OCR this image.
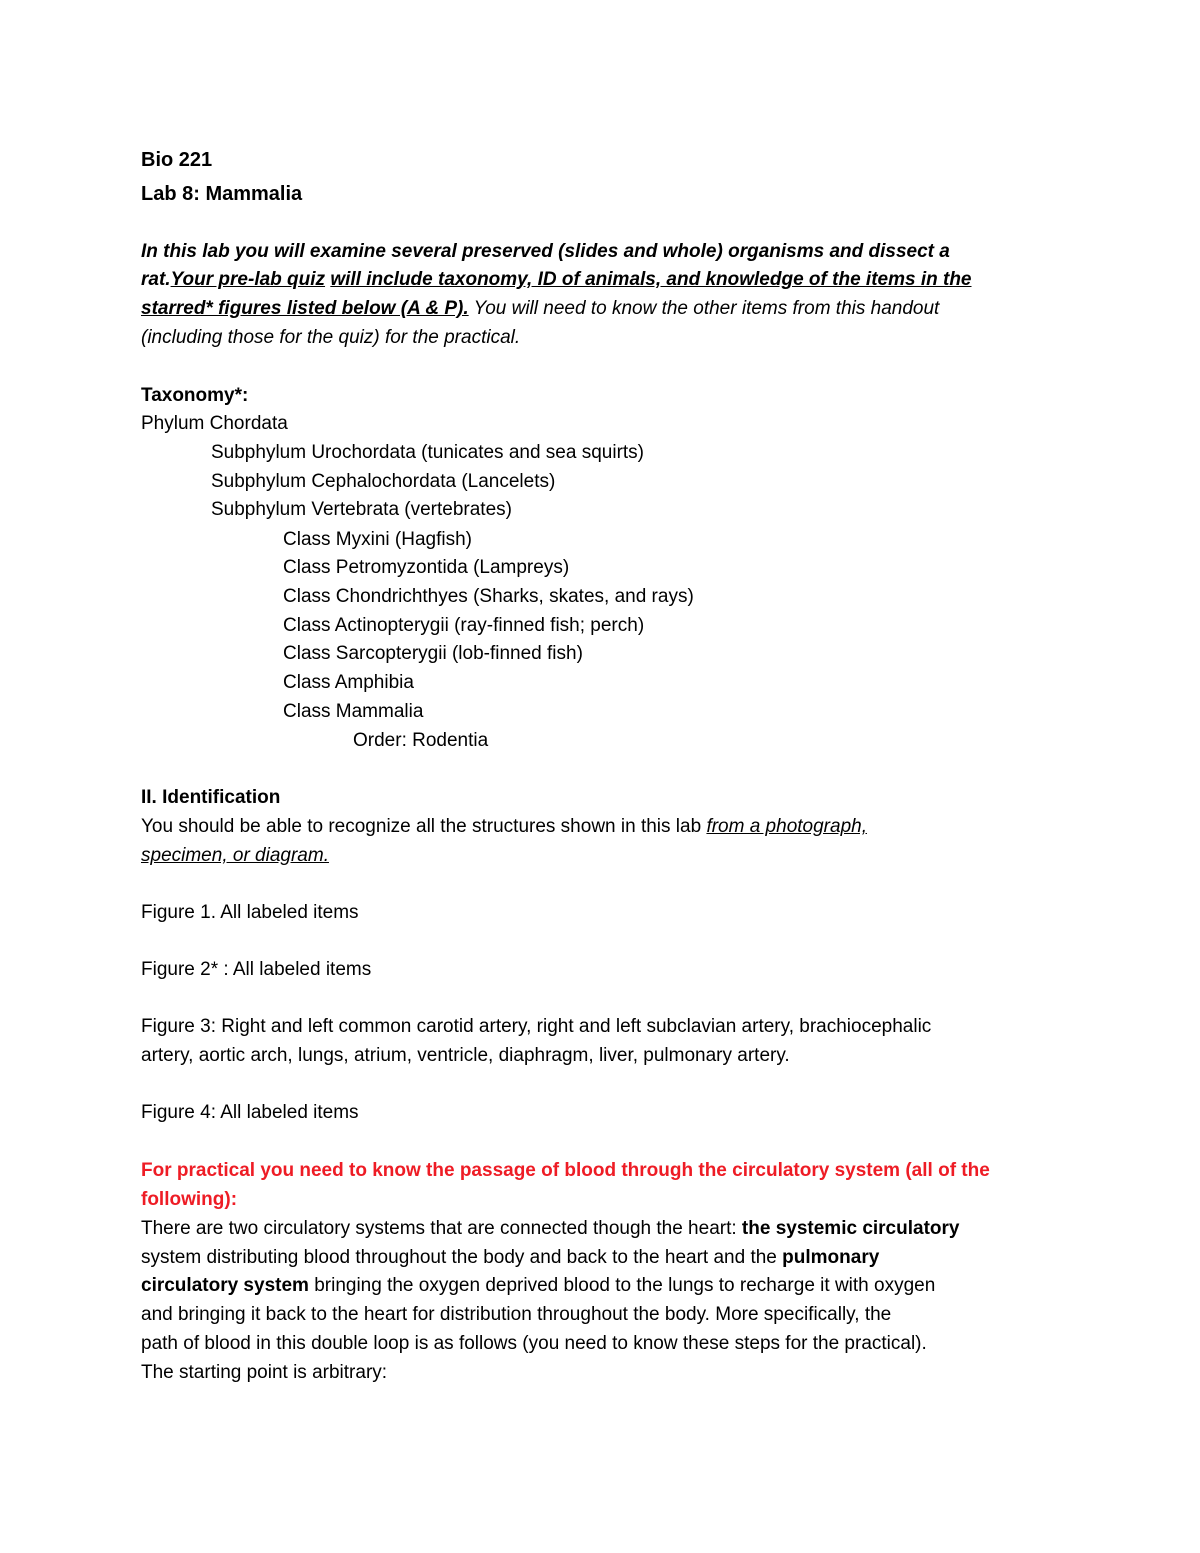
Bio 221
Lab 8: Mammalia
In this lab you will examine several preserved (slides and whole) organisms and dissect a
rat.Your pre-lab quiz will include taxonomy, ID of animals, and knowledge of the items in the
starred* figures listed below (A & P). You will need to know the other items from this handout
(including those for the quiz) for the practical.
Taxonomy*:
Phylum Chordata
Subphylum Urochordata (tunicates and sea squirts)
Subphylum Cephalochordata (Lancelets)
Subphylum Vertebrata (vertebrates)
Class Myxini (Hagfish)
Class Petromyzontida (Lampreys)
Class Chondrichthyes (Sharks, skates, and rays)
Class Actinopterygii (ray-finned fish; perch)
Class Sarcopterygii (lob-finned fish)
Class Amphibia
Class Mammalia
Order: Rodentia
II. Identification
You should be able to recognize all the structures shown in this lab from a photograph,
specimen, or diagram.
Figure 1. All labeled items
Figure 2* : All labeled items
Figure 3: Right and left common carotid artery, right and left subclavian artery, brachiocephalic
artery, aortic arch, lungs, atrium, ventricle, diaphragm, liver, pulmonary artery.
Figure 4: All labeled items
For practical you need to know the passage of blood through the circulatory system (all of the
following):
There are two circulatory systems that are connected though the heart: the systemic circulatory
system distributing blood throughout the body and back to the heart and the pulmonary
circulatory system bringing the oxygen deprived blood to the lungs to recharge it with oxygen
and bringing it back to the heart for distribution throughout the body. More specifically, the
path of blood in this double loop is as follows (you need to know these steps for the practical).
The starting point is arbitrary:
